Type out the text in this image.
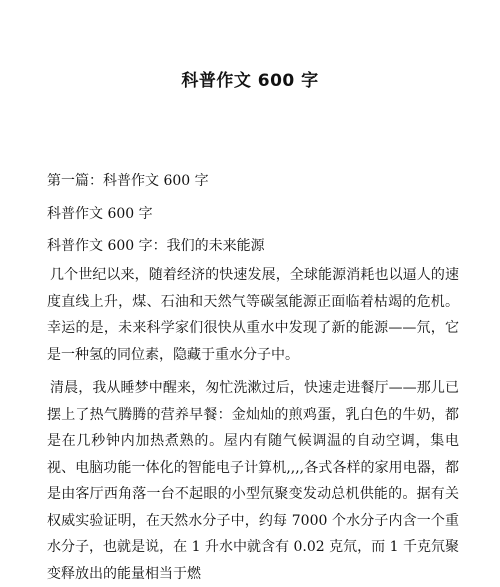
科普作文 600 字
第一篇：科普作文 600 字
科普作文 600 字
科普作文 600 字：我们的未来能源
几个世纪以来，随着经济的快速发展，全球能源消耗也以逼人的速度直线上升，煤、石油和天然气等碳氢能源正面临着枯竭的危机。幸运的是，未来科学家们很快从重水中发现了新的能源——氘，它是一种氢的同位素，隐藏于重水分子中。
清晨，我从睡梦中醒来，匆忙洗漱过后，快速走进餐厅——那儿已摆上了热气腾腾的营养早餐：金灿灿的煎鸡蛋，乳白色的牛奶，都是在几秒钟内加热煮熟的。屋内有随气候调温的自动空调，集电视、电脑功能一体化的智能电子计算机,,,,各式各样的家用电器，都是由客厅西角落一台不起眼的小型氘聚变发动总机供能的。据有关权威实验证明，在天然水分子中，约每 7000 个水分子内含一个重水分子，也就是说，在 1 升水中就含有 0.02 克氘，而 1 千克氘聚变释放出的能量相当于燃
